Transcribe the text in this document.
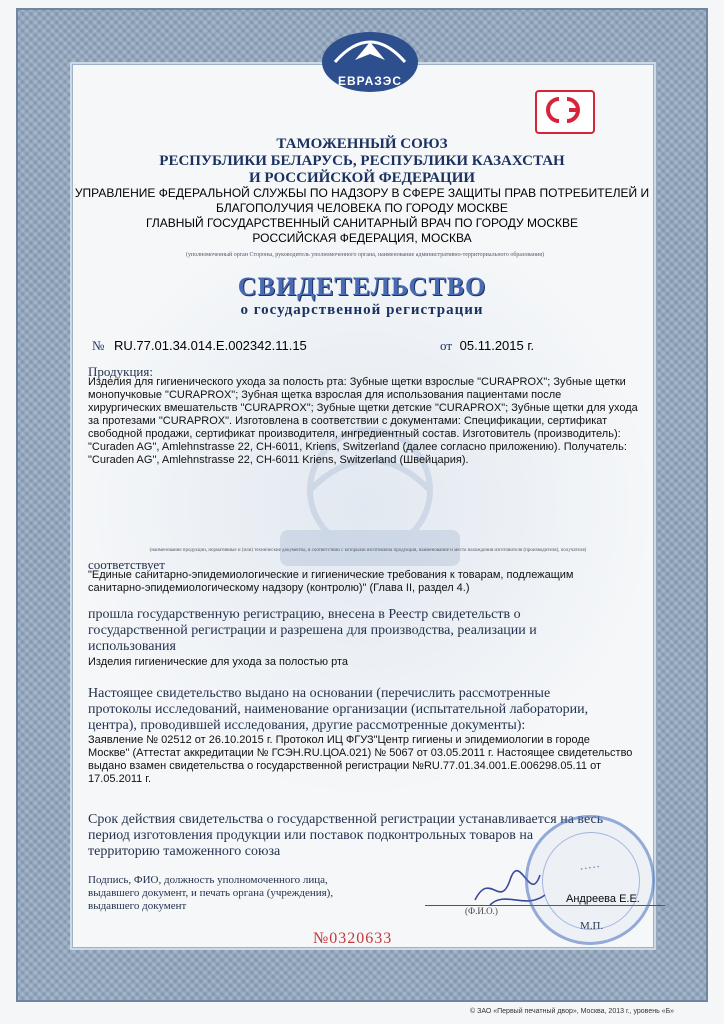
ЕВРАЗЭС
ТАМОЖЕННЫЙ СОЮЗ
РЕСПУБЛИКИ БЕЛАРУСЬ, РЕСПУБЛИКИ КАЗАХСТАН
И РОССИЙСКОЙ ФЕДЕРАЦИИ
УПРАВЛЕНИЕ ФЕДЕРАЛЬНОЙ СЛУЖБЫ ПО НАДЗОРУ В СФЕРЕ ЗАЩИТЫ ПРАВ ПОТРЕБИТЕЛЕЙ И
БЛАГОПОЛУЧИЯ ЧЕЛОВЕКА ПО ГОРОДУ МОСКВЕ
ГЛАВНЫЙ ГОСУДАРСТВЕННЫЙ САНИТАРНЫЙ ВРАЧ ПО ГОРОДУ МОСКВЕ
РОССИЙСКАЯ ФЕДЕРАЦИЯ, МОСКВА
(уполномоченный орган Стороны, руководитель уполномоченного органа, наименование административно-территориального образования)
СВИДЕТЕЛЬСТВО
о государственной регистрации
№ RU.77.01.34.014.Е.002342.11.15	от 05.11.2015 г.
Продукция:
Изделия для гигиенического ухода за полость рта: Зубные щетки взрослые "CURAPROX"; Зубные щетки
монопучковые "CURAPROX"; Зубная щетка взрослая для использования пациентами после
хирургических вмешательств "CURAPROX"; Зубные щетки детские "CURAPROX"; Зубные щетки для ухода
за протезами "CURAPROX". Изготовлена в соответствии с документами: Спецификации, сертификат
свободной продажи, сертификат производителя, ингредиентный состав. Изготовитель (производитель):
"Curaden AG", Amlehnstrasse 22, CH-6011, Kriens, Switzerland (далее согласно приложению). Получатель:
"Curaden AG", Amlehnstrasse 22, CH-6011 Kriens, Switzerland (Швейцария).
(наименование продукции, нормативные и (или) технические документы, в соответствии с которыми изготовлена продукция, наименование и место нахождения изготовителя (производителя), получателя)
соответствует
"Единые санитарно-эпидемиологические и гигиенические требования к товарам, подлежащим
санитарно-эпидемиологическому надзору (контролю)" (Глава II, раздел 4.)
прошла государственную регистрацию, внесена в Реестр свидетельств о
государственной регистрации и разрешена для производства, реализации и
использования
Изделия гигиенические для ухода за полостью рта
Настоящее свидетельство выдано на основании (перечислить рассмотренные
протоколы исследований, наименование организации (испытательной лаборатории,
центра), проводившей исследования, другие рассмотренные документы):
Заявление № 02512 от 26.10.2015 г. Протокол ИЦ ФГУЗ"Центр гигиены и эпидемиологии в городе
Москве" (Аттестат аккредитации № ГСЭН.RU.ЦОА.021) № 5067 от 03.05.2011 г. Настоящее свидетельство
выдано взамен свидетельства о государственной регистрации №RU.77.01.34.001.Е.006298.05.11 от
17.05.2011 г.
Срок действия свидетельства о государственной регистрации устанавливается на весь
период изготовления продукции или поставок подконтрольных товаров на
территорию таможенного союза
Подпись, ФИО, должность уполномоченного лица,
выдавшего документ, и печать органа (учреждения),
выдавшего документ	(Ф.И.О.)
Андреева Е.Е.
М.П.
• • • • •
№0320633
© ЗАО «Первый печатный двор», Москва, 2013 г., уровень «Б»
